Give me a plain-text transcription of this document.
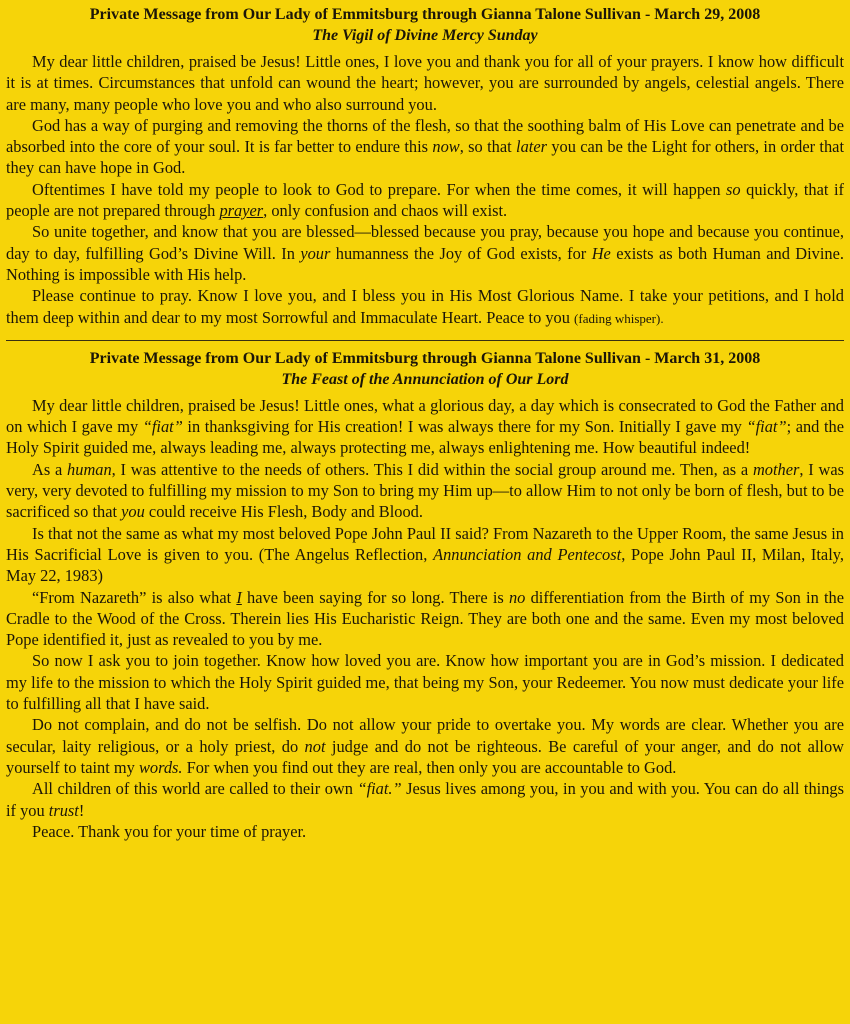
Private Message from Our Lady of Emmitsburg through Gianna Talone Sullivan - March 29, 2008
The Vigil of Divine Mercy Sunday

My dear little children, praised be Jesus! Little ones, I love you and thank you for all of your prayers. I know how difficult it is at times. Circumstances that unfold can wound the heart; however, you are surrounded by angels, celestial angels. There are many, many people who love you and who also surround you.

God has a way of purging and removing the thorns of the flesh, so that the soothing balm of His Love can penetrate and be absorbed into the core of your soul. It is far better to endure this now, so that later you can be the Light for others, in order that they can have hope in God.

Oftentimes I have told my people to look to God to prepare. For when the time comes, it will happen so quickly, that if people are not prepared through prayer, only confusion and chaos will exist.

So unite together, and know that you are blessed—blessed because you pray, because you hope and because you continue, day to day, fulfilling God’s Divine Will. In your humanness the Joy of God exists, for He exists as both Human and Divine. Nothing is impossible with His help.

Please continue to pray. Know I love you, and I bless you in His Most Glorious Name. I take your petitions, and I hold them deep within and dear to my most Sorrowful and Immaculate Heart. Peace to you (fading whisper).

Private Message from Our Lady of Emmitsburg through Gianna Talone Sullivan - March 31, 2008
The Feast of the Annunciation of Our Lord

My dear little children, praised be Jesus! Little ones, what a glorious day, a day which is consecrated to God the Father and on which I gave my “fiat” in thanksgiving for His creation! I was always there for my Son. Initially I gave my “fiat”; and the Holy Spirit guided me, always leading me, always protecting me, always enlightening me. How beautiful indeed!

As a human, I was attentive to the needs of others. This I did within the social group around me. Then, as a mother, I was very, very devoted to fulfilling my mission to my Son to bring my Him up—to allow Him to not only be born of flesh, but to be sacrificed so that you could receive His Flesh, Body and Blood.

Is that not the same as what my most beloved Pope John Paul II said? From Nazareth to the Upper Room, the same Jesus in His Sacrificial Love is given to you. (The Angelus Reflection, Annunciation and Pentecost, Pope John Paul II, Milan, Italy, May 22, 1983)

“From Nazareth” is also what I have been saying for so long. There is no differentiation from the Birth of my Son in the Cradle to the Wood of the Cross. Therein lies His Eucharistic Reign. They are both one and the same. Even my most beloved Pope identified it, just as revealed to you by me.

So now I ask you to join together. Know how loved you are. Know how important you are in God’s mission. I dedicated my life to the mission to which the Holy Spirit guided me, that being my Son, your Redeemer. You now must dedicate your life to fulfilling all that I have said.

Do not complain, and do not be selfish. Do not allow your pride to overtake you. My words are clear. Whether you are secular, laity religious, or a holy priest, do not judge and do not be righteous. Be careful of your anger, and do not allow yourself to taint my words. For when you find out they are real, then only you are accountable to God.

All children of this world are called to their own “fiat.” Jesus lives among you, in you and with you. You can do all things if you trust!

Peace. Thank you for your time of prayer.
